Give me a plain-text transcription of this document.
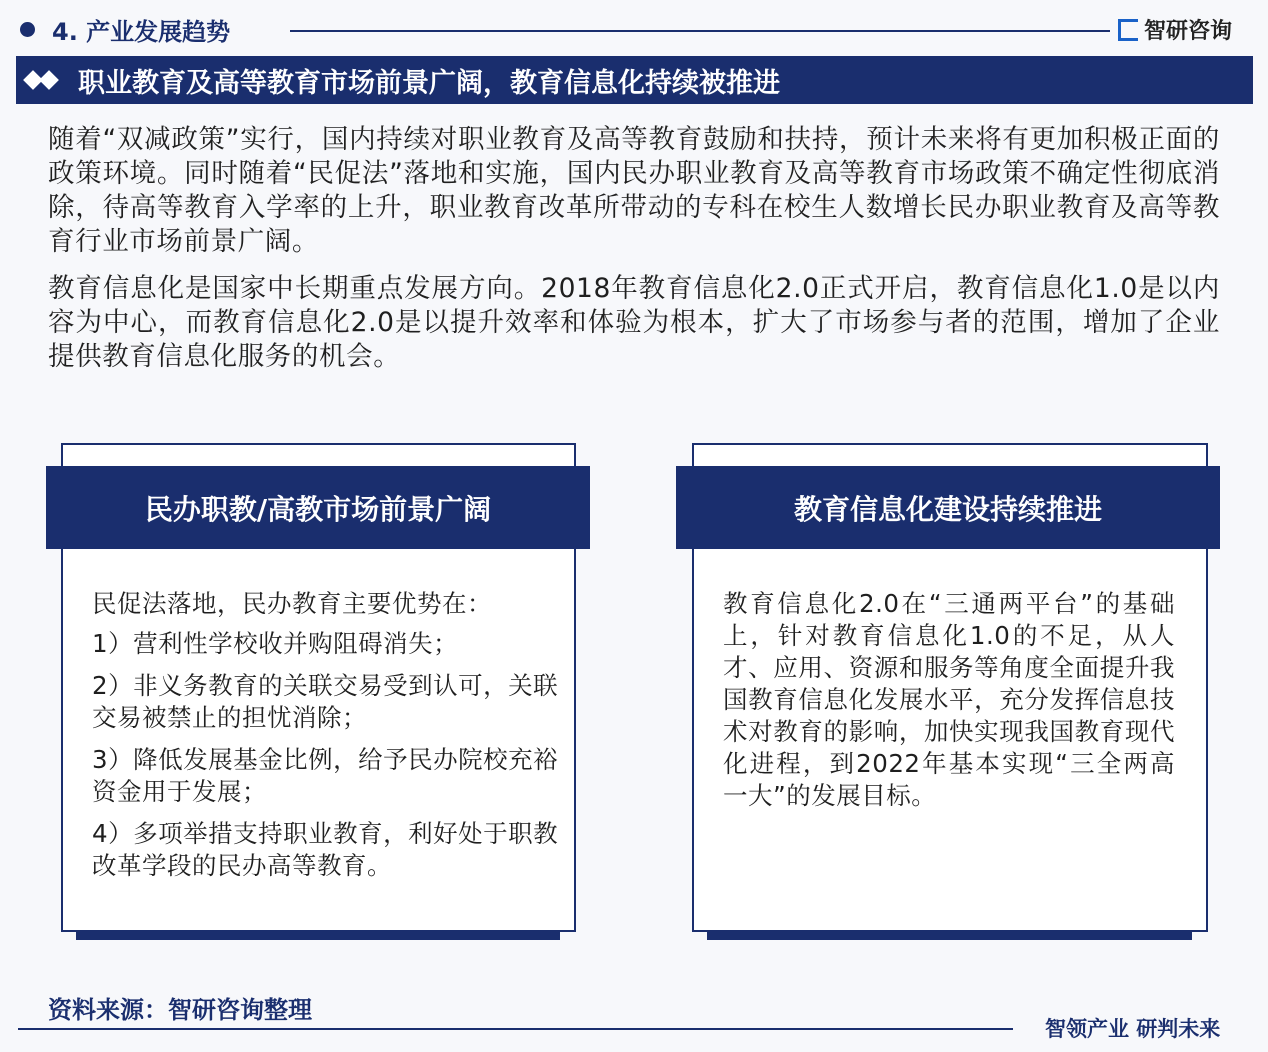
4. 产业发展趋势	智研咨询
职业教育及高等教育市场前景广阔，教育信息化持续被推进
随着“双减政策”实行，国内持续对职业教育及高等教育鼓励和扶持，预计未来将有更加积极正面的政策环境。同时随着“民促法”落地和实施，国内民办职业教育及高等教育市场政策不确定性彻底消除，待高等教育入学率的上升，职业教育改革所带动的专科在校生人数增长民办职业教育及高等教育行业市场前景广阔。
教育信息化是国家中长期重点发展方向。2018年教育信息化2.0正式开启，教育信息化1.0是以内容为中心，而教育信息化2.0是以提升效率和体验为根本，扩大了市场参与者的范围，增加了企业提供教育信息化服务的机会。
民办职教/高教市场前景广阔

民促法落地，民办教育主要优势在：

1）营利性学校收并购阻碍消失；

2）非义务教育的关联交易受到认可，关联交易被禁止的担忧消除；

3）降低发展基金比例，给予民办院校充裕资金用于发展；

4）多项举措支持职业教育，利好处于职教改革学段的民办高等教育。

教育信息化建设持续推进
教育信息化2.0在“三通两平台”的基础上，针对教育信息化1.0的不足，从人才、应用、资源和服务等角度全面提升我国教育信息化发展水平，充分发挥信息技术对教育的影响，加快实现我国教育现代化进程，到2022年基本实现“三全两高一大”的发展目标。
资料来源：智研咨询整理
智领产业 研判未来
